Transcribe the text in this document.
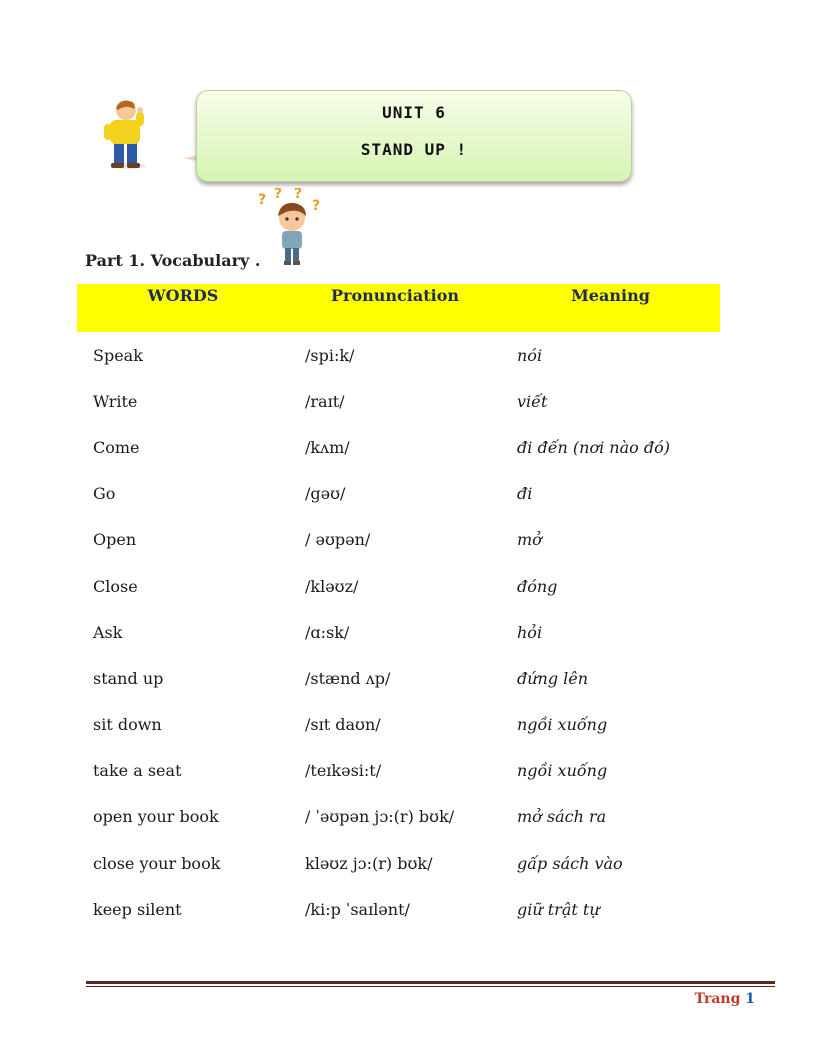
UNIT 6
STAND UP !
? ? ?
?
Part 1. Vocabulary .
WORDS	Pronunciation	Meaning
Speak	/spi:k/	nói
Write	/raɪt/	viết
Come	/kʌm/	đi đến (nơi nào đó)
Go	/gəʊ/	đi
Open	/ əʊpən/	mở
Close	/kləʊz/	đóng
Ask	/ɑ:sk/	hỏi
stand up	/stænd ʌp/	đứng lên
sit down	/sɪt daʊn/	ngồi xuống
take a seat	/teɪkəsi:t/	ngồi xuống
open your book	/ ˈəʊpən jɔ:(r) bʊk/	mở sách ra
close your book	kləʊz jɔ:(r) bʊk/	gấp sách vào
keep silent	/ki:p ˈsaɪlənt/	giữ trật tự
Trang 1
